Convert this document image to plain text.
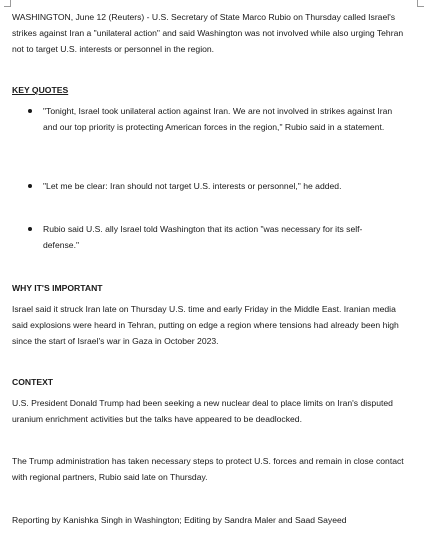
WASHINGTON, June 12 (Reuters) - U.S. Secretary of State Marco Rubio on Thursday called Israel's strikes against Iran a "unilateral action" and said Washington was not involved while also urging Tehran not to target U.S. interests or personnel in the region.

KEY QUOTES

"Tonight, Israel took unilateral action against Iran. We are not involved in strikes against Iran and our top priority is protecting American forces in the region," Rubio said in a statement.

"Let me be clear: Iran should not target U.S. interests or personnel," he added.

Rubio said U.S. ally Israel told Washington that its action "was necessary for its self-defense."

WHY IT'S IMPORTANT

Israel said it struck Iran late on Thursday U.S. time and early Friday in the Middle East. Iranian media said explosions were heard in Tehran, putting on edge a region where tensions had already been high since the start of Israel's war in Gaza in October 2023.

CONTEXT

U.S. President Donald Trump had been seeking a new nuclear deal to place limits on Iran's disputed uranium enrichment activities but the talks have appeared to be deadlocked.

The Trump administration has taken necessary steps to protect U.S. forces and remain in close contact with regional partners, Rubio said late on Thursday.

Reporting by Kanishka Singh in Washington; Editing by Sandra Maler and Saad Sayeed
